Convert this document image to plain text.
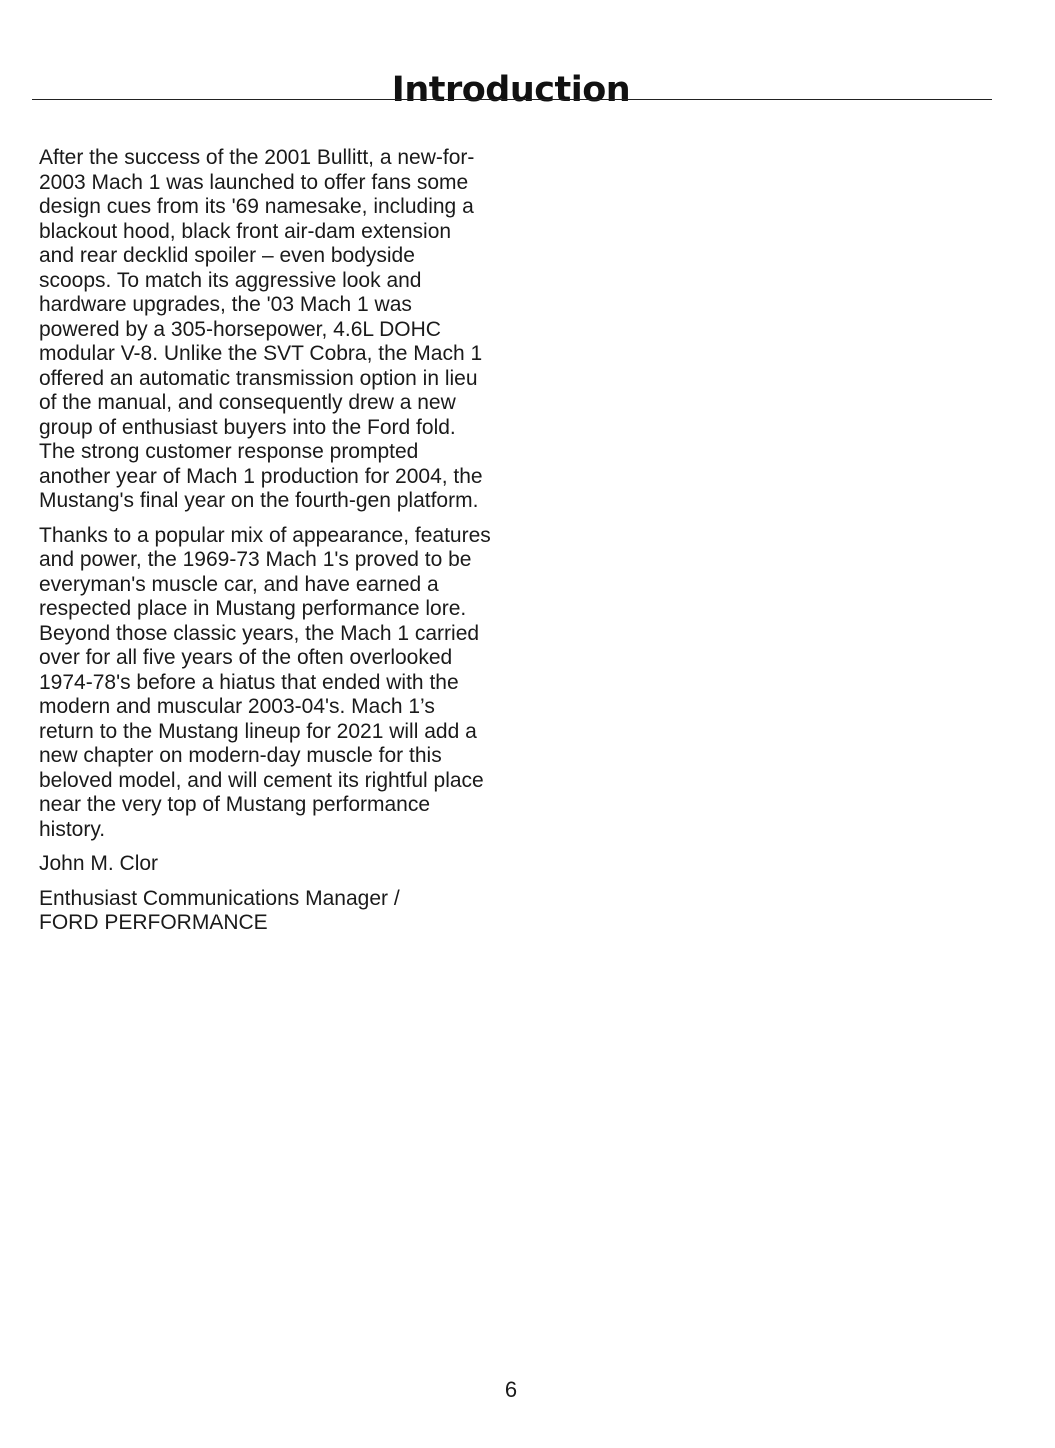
Introduction

After the success of the 2001 Bullitt, a new-for-2003 Mach 1 was launched to offer fans some design cues from its '69 namesake, including a blackout hood, black front air-dam extension and rear decklid spoiler – even bodyside scoops. To match its aggressive look and hardware upgrades, the '03 Mach 1 was powered by a 305-horsepower, 4.6L DOHC modular V-8. Unlike the SVT Cobra, the Mach 1 offered an automatic transmission option in lieu of the manual, and consequently drew a new group of enthusiast buyers into the Ford fold. The strong customer response prompted another year of Mach 1 production for 2004, the Mustang's final year on the fourth-gen platform.

Thanks to a popular mix of appearance, features and power, the 1969-73 Mach 1's proved to be everyman's muscle car, and have earned a respected place in Mustang performance lore. Beyond those classic years, the Mach 1 carried over for all five years of the often overlooked 1974-78's before a hiatus that ended with the modern and muscular 2003-04's. Mach 1’s return to the Mustang lineup for 2021 will add a new chapter on modern-day muscle for this beloved model, and will cement its rightful place near the very top of Mustang performance history.

John M. Clor

Enthusiast Communications Manager /
FORD PERFORMANCE

6
